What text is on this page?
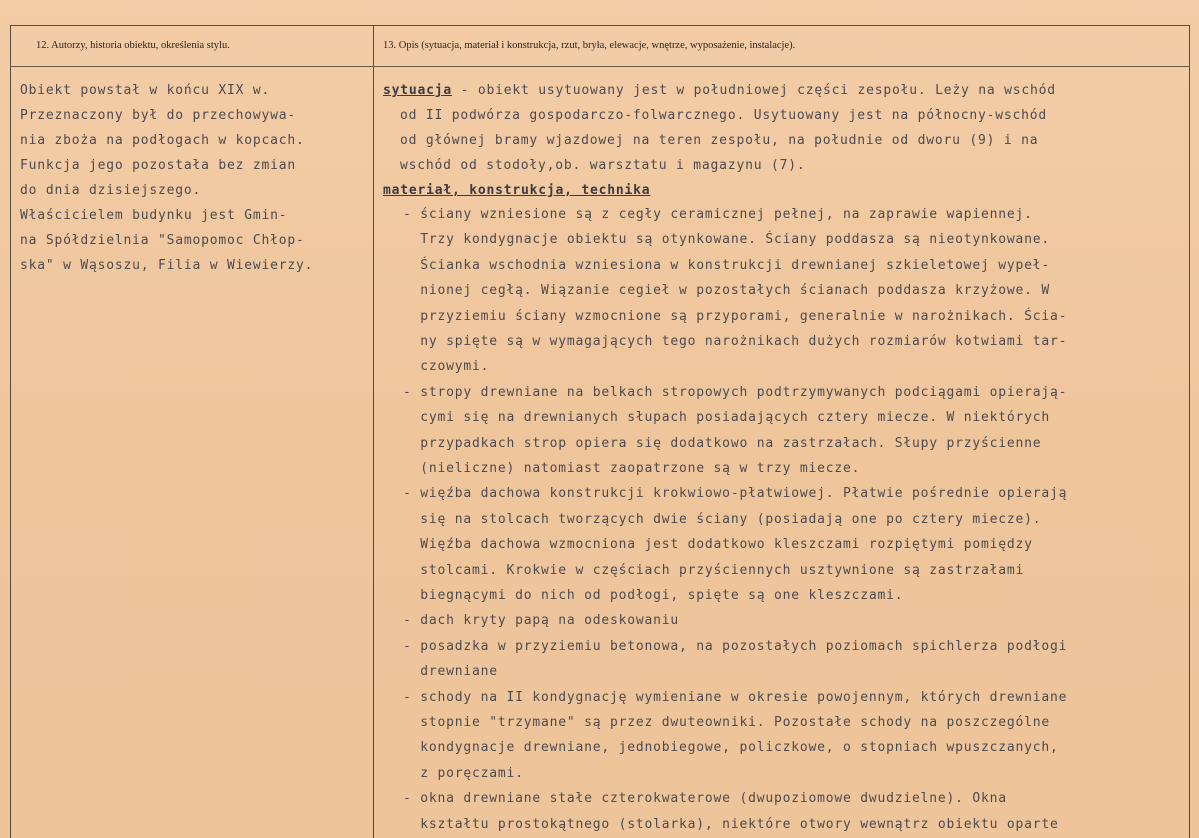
12. Autorzy, historia obiektu, określenia stylu.	13. Opis (sytuacja, materiał i konstrukcja, rzut, bryła, elewacje, wnętrze, wyposażenie, instalacje).
Obiekt powstał w końcu XIX w.
Przeznaczony był do przechowywa-
nia zboża na podłogach w kopcach.
Funkcja jego pozostała bez zmian
do dnia dzisiejszego.
Właścicielem budynku jest Gmin-
na Spółdzielnia "Samopomoc Chłop-
ska" w Wąsoszu, Filia w Wiewierzy.
sytuacja - obiekt usytuowany jest w południowej części zespołu. Leży na wschód
od II podwórza gospodarczo-folwarcznego. Usytuowany jest na północny-wschód
od głównej bramy wjazdowej na teren zespołu, na południe od dworu (9) i na
wschód od stodoły,ob. warsztatu i magazynu (7).
materiał, konstrukcja, technika
- ściany wzniesione są z cegły ceramicznej pełnej, na zaprawie wapiennej.
Trzy kondygnacje obiektu są otynkowane. Ściany poddasza są nieotynkowane.
Ścianka wschodnia wzniesiona w konstrukcji drewnianej szkieletowej wypeł-
nionej cegłą. Wiązanie cegieł w pozostałych ścianach poddasza krzyżowe. W
przyziemiu ściany wzmocnione są przyporami, generalnie w narożnikach. Ścia-
ny spięte są w wymagających tego narożnikach dużych rozmiarów kotwiami tar-
czowymi.
- stropy drewniane na belkach stropowych podtrzymywanych podciągami opierają-
cymi się na drewnianych słupach posiadających cztery miecze. W niektórych
przypadkach strop opiera się dodatkowo na zastrzałach. Słupy przyścienne
(nieliczne) natomiast zaopatrzone są w trzy miecze.
- więźba dachowa konstrukcji krokwiowo-płatwiowej. Płatwie pośrednie opierają
się na stolcach tworzących dwie ściany (posiadają one po cztery miecze).
Więźba dachowa wzmocniona jest dodatkowo kleszczami rozpiętymi pomiędzy
stolcami. Krokwie w częściach przyściennych usztywnione są zastrzałami
biegnącymi do nich od podłogi, spięte są one kleszczami.
- dach kryty papą na odeskowaniu
- posadzka w przyziemiu betonowa, na pozostałych poziomach spichlerza podłogi
drewniane
- schody na II kondygnację wymieniane w okresie powojennym, których drewniane
stopnie "trzymane" są przez dwuteowniki. Pozostałe schody na poszczególne
kondygnacje drewniane, jednobiegowe, policzkowe, o stopniach wpuszczanych,
z poręczami.
- okna drewniane stałe czterokwaterowe (dwupoziomowe dwudzielne). Okna
kształtu prostokątnego (stolarka), niektóre otwory wewnątrz obiektu oparte
